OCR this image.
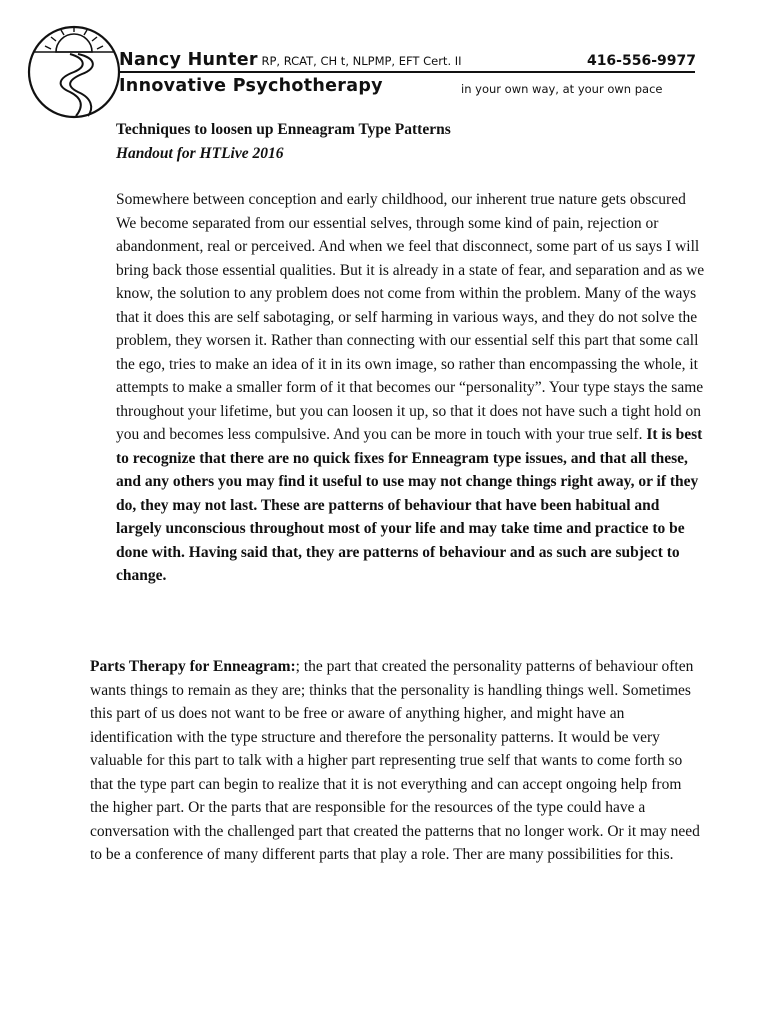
Nancy Hunter RP, RCAT, CH t, NLPMP, EFT Cert. II	416-556-9977
Innovative Psychotherapy	in your own way, at your own pace
Techniques to loosen up Enneagram Type Patterns
Handout for HTLive 2016

Somewhere between conception and early childhood, our inherent true nature gets obscured We become separated from our essential selves, through some kind of pain, rejection or abandonment, real or perceived. And when we feel that disconnect, some part of us says I will bring back those essential qualities. But it is already in a state of fear, and separation and as we know, the solution to any problem does not come from within the problem. Many of the ways that it does this are self sabotaging, or self harming in various ways, and they do not solve the problem, they worsen it. Rather than connecting with our essential self this part that some call the ego, tries to make an idea of it in its own image, so rather than encompassing the whole, it attempts to make a smaller form of it that becomes our “personality”. Your type stays the same throughout your lifetime, but you can loosen it up, so that it does not have such a tight hold on you and becomes less compulsive. And you can be more in touch with your true self. It is best to recognize that there are no quick fixes for Enneagram type issues, and that all these, and any others you may find it useful to use may not change things right away, or if they do, they may not last. These are patterns of behaviour that have been habitual and largely unconscious throughout most of your life and may take time and practice to be done with. Having said that, they are patterns of behaviour and as such are subject to change.

Parts Therapy for Enneagram:; the part that created the personality patterns of behaviour often wants things to remain as they are; thinks that the personality is handling things well. Sometimes this part of us does not want to be free or aware of anything higher, and might have an identification with the type structure and therefore the personality patterns. It would be very valuable for this part to talk with a higher part representing true self that wants to come forth so that the type part can begin to realize that it is not everything and can accept ongoing help from the higher part. Or the parts that are responsible for the resources of the type could have a conversation with the challenged part that created the patterns that no longer work. Or it may need to be a conference of many different parts that play a role. Ther are many possibilities for this.
